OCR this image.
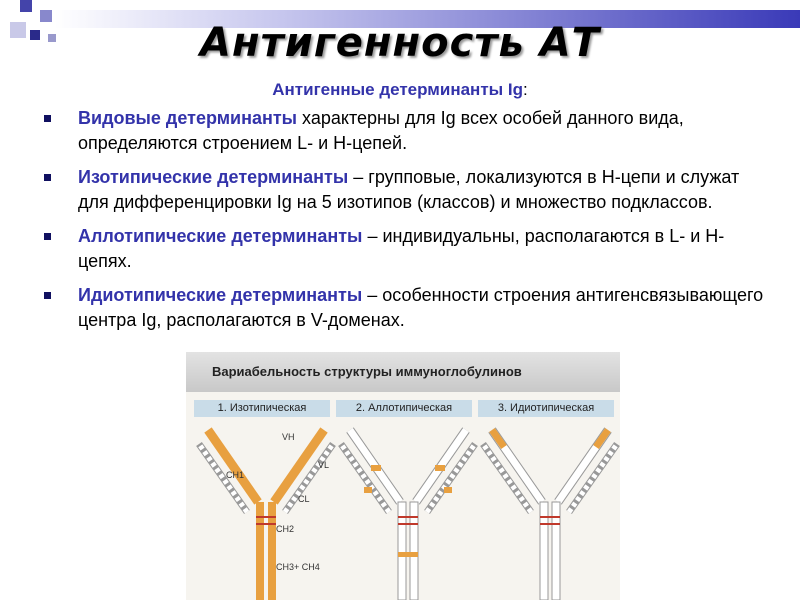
Антигенность АТ
Антигенные детерминанты Ig:
Видовые детерминанты характерны для Ig всех особей данного вида, определяются строением L- и H-цепей.
Изотипические детерминанты – групповые, локализуются в H-цепи и служат для дифференцировки Ig на 5 изотипов (классов) и множество подклассов.
Аллотипические детерминанты – индивидуальны, располагаются в L- и H-цепях.
Идиотипические детерминанты – особенности строения антигенсвязывающего центра Ig, располагаются в V-доменах.
Вариабельность структуры иммуноглобулинов
1. Изотипическая	2. Аллотипическая	3. Идиотипическая
VH
VL
CH1
CL
CH2
CH3+ CH4
